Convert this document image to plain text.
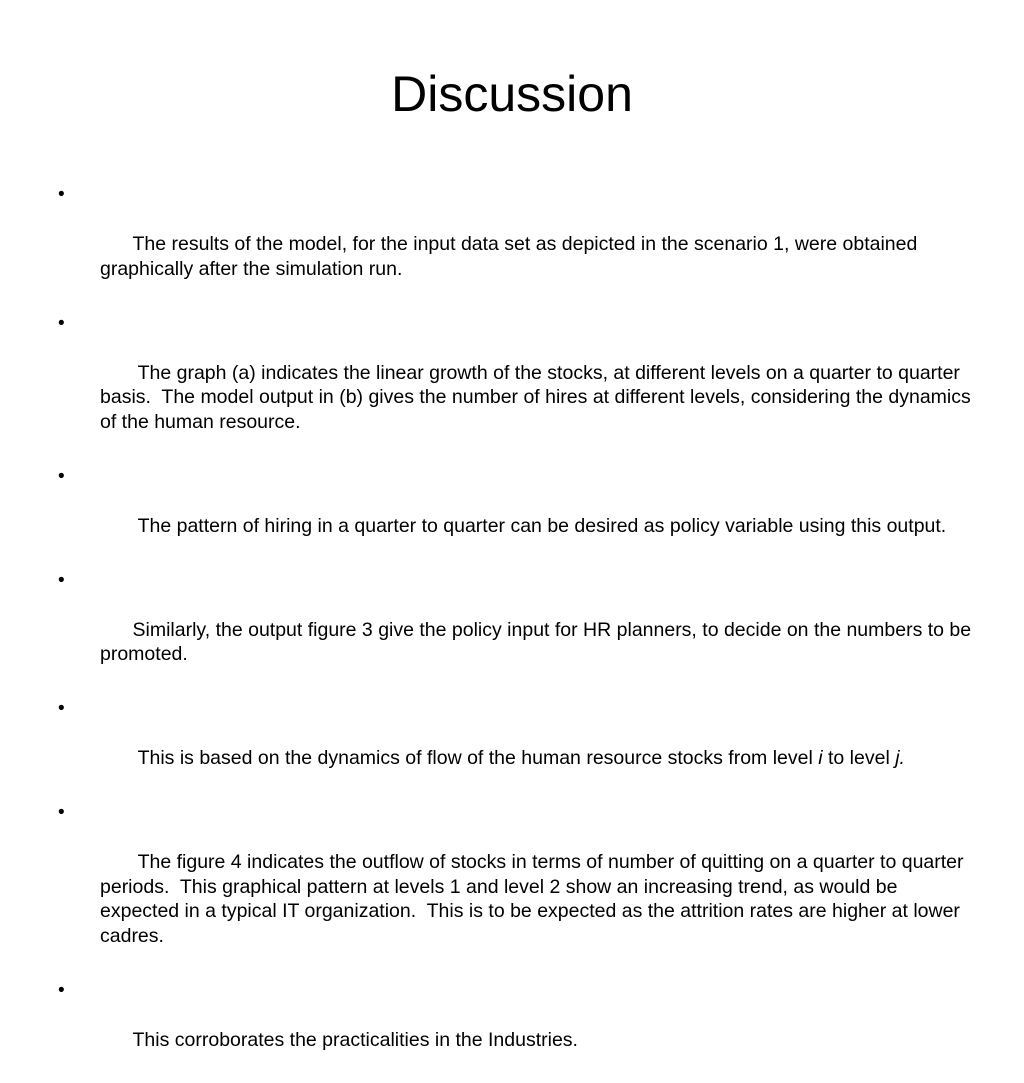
Discussion

•

The results of the model, for the input data set as depicted in the scenario 1, were obtained graphically after the simulation run.

•

The graph (a) indicates the linear growth of the stocks, at different levels on a quarter to quarter basis.  The model output in (b) gives the number of hires at different levels, considering the dynamics of the human resource.

•

The pattern of hiring in a quarter to quarter can be desired as policy variable using this output.

•

Similarly, the output figure 3 give the policy input for HR planners, to decide on the numbers to be promoted.

•

This is based on the dynamics of flow of the human resource stocks from level i to level j.

•

The figure 4 indicates the outflow of stocks in terms of number of quitting on a quarter to quarter periods.  This graphical pattern at levels 1 and level 2 show an increasing trend, as would be expected in a typical IT organization.  This is to be expected as the attrition rates are higher at lower cadres.

•

This corroborates the practicalities in the Industries.
